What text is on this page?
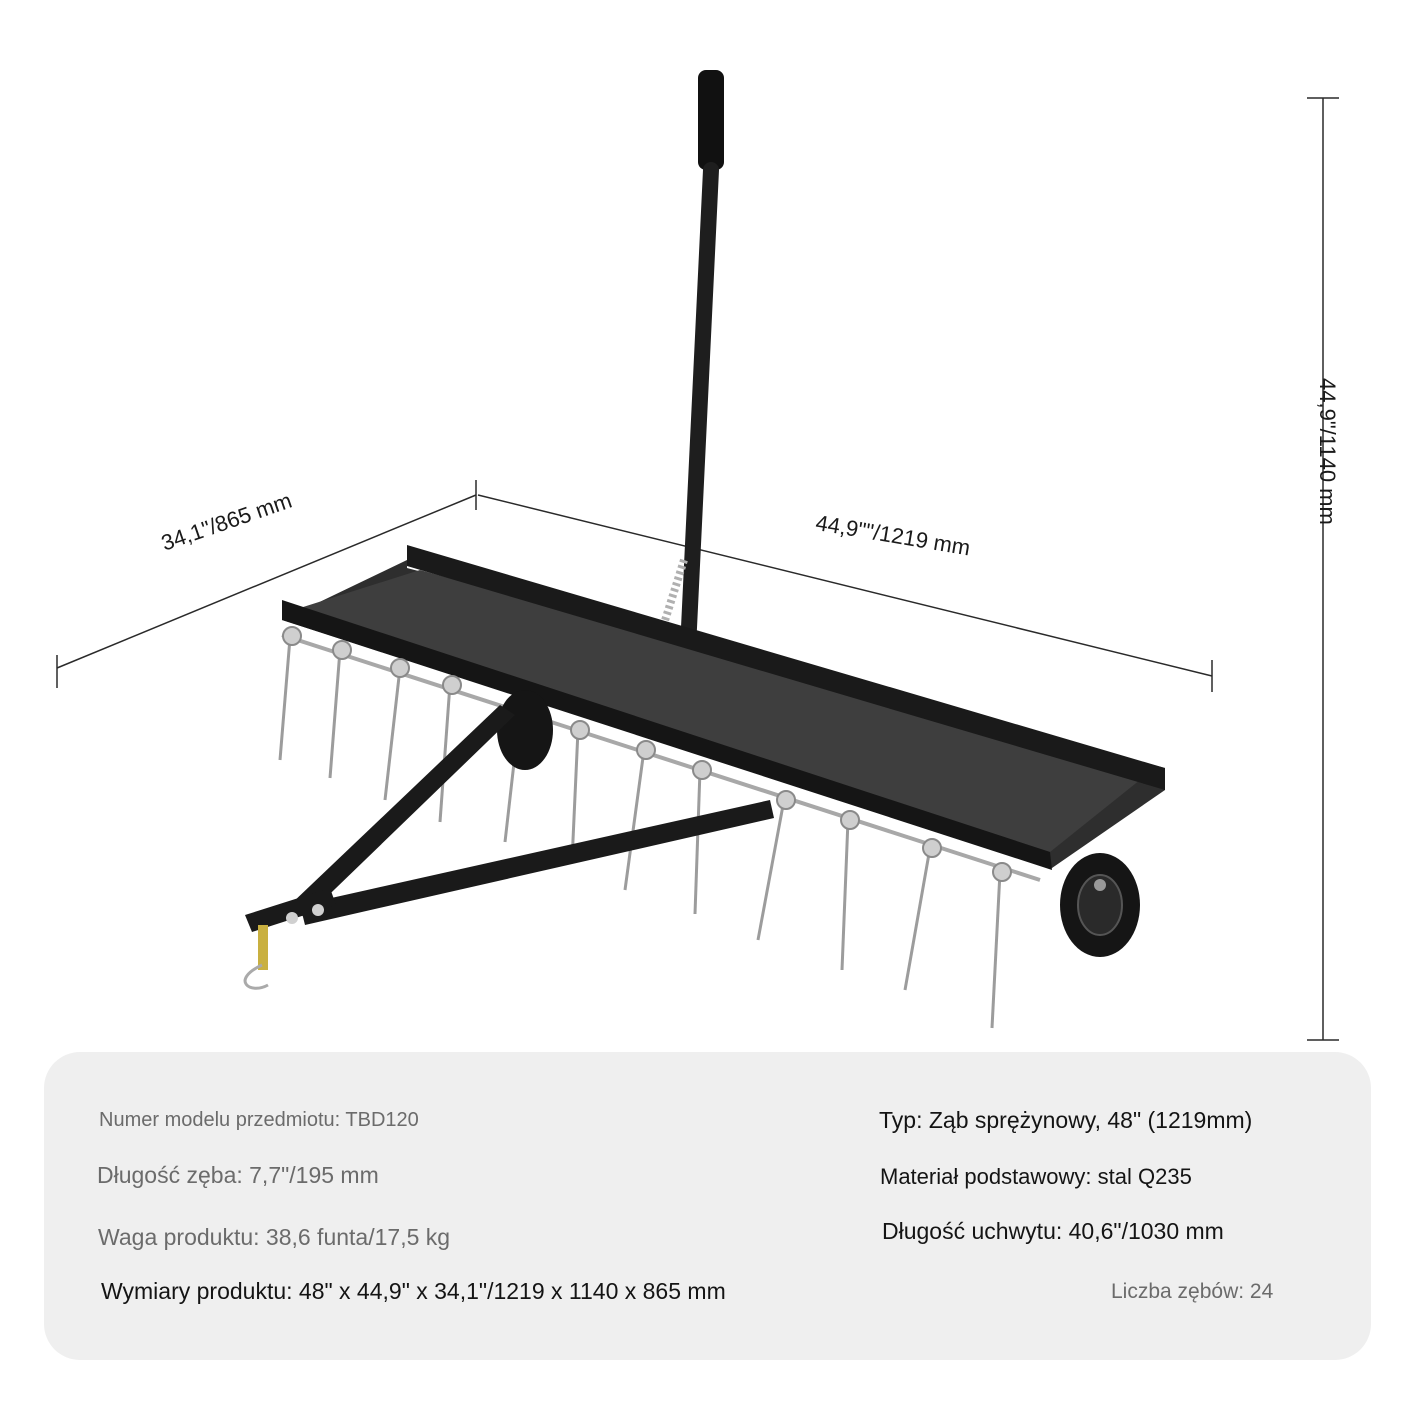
34,1"/865 mm	44,9""/1219 mm
44,9"/1140 mm
Numer modelu przedmiotu: TBD120
Długość zęba: 7,7"/195 mm
Waga produktu: 38,6 funta/17,5 kg
Wymiary produktu: 48" x 44,9" x 34,1"/1219 x 1140 x 865 mm
Typ: Ząb sprężynowy, 48" (1219mm)
Materiał podstawowy: stal Q235
Długość uchwytu: 40,6"/1030 mm
Liczba zębów: 24
